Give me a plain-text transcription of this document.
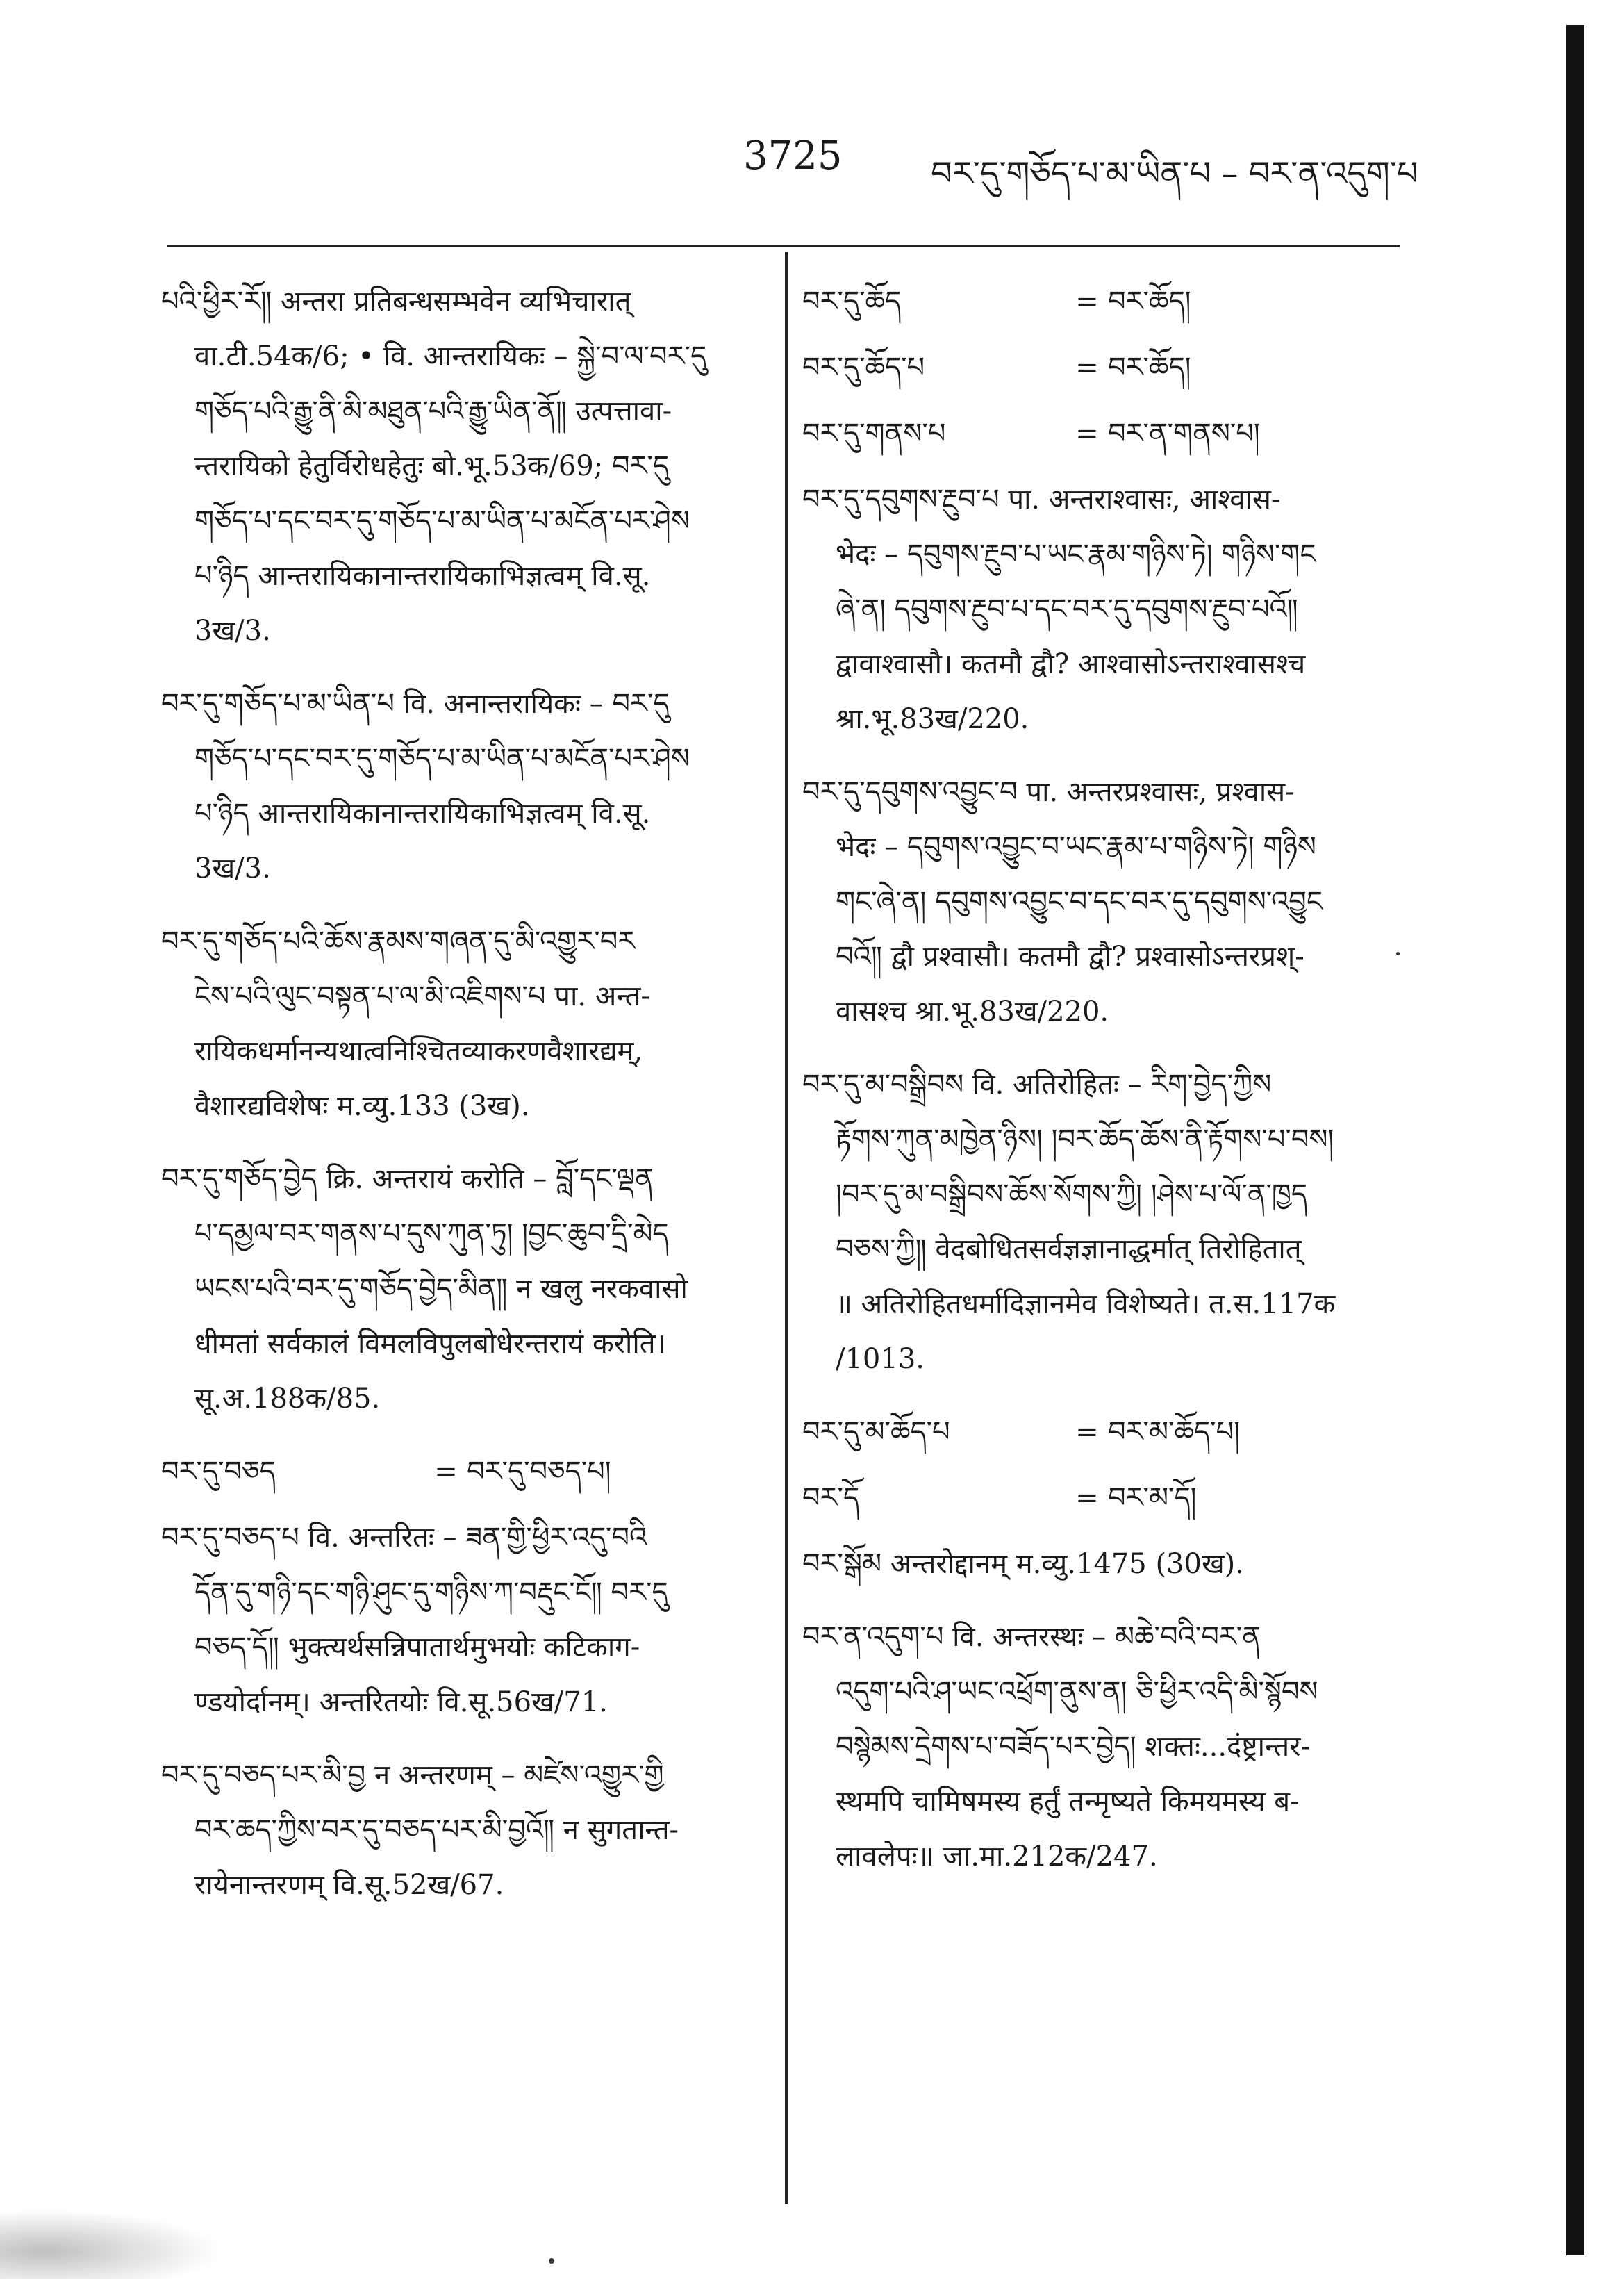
3725	བར་དུ་གཅོད་པ་མ་ཡིན་པ – བར་ན་འདུག་པ
པའི་ཕྱིར་རོ༎ अन्तरा प्रतिबन्धसम्भवेन व्यभिचारात्
वा.टी.54क/6; • वि. आन्तरायिकः – སྐྱེ་བ་ལ་བར་དུ
གཅོད་པའི་རྒྱུ་ནི་མི་མཐུན་པའི་རྒྱུ་ཡིན་ནོ༎ उत्पत्तावा-
न्तरायिको हेतुर्विरोधहेतुः बो.भू.53क/69; བར་དུ
གཅོད་པ་དང་བར་དུ་གཅོད་པ་མ་ཡིན་པ་མངོན་པར་ཤེས
པ་ཉིད आन्तरायिकानान्तरायिकाभिज्ञत्वम् वि.सू.
3ख/3.
བར་དུ་གཅོད་པ་མ་ཡིན་པ वि. अनान्तरायिकः – བར་དུ
གཅོད་པ་དང་བར་དུ་གཅོད་པ་མ་ཡིན་པ་མངོན་པར་ཤེས
པ་ཉིད आन्तरायिकानान्तरायिकाभिज्ञत्वम् वि.सू.
3ख/3.
བར་དུ་གཅོད་པའི་ཆོས་རྣམས་གཞན་དུ་མི་འགྱུར་བར
ངེས་པའི་ལུང་བསྟན་པ་ལ་མི་འཇིགས་པ पा. अन्त-
रायिकधर्मानन्यथात्वनिश्चितव्याकरणवैशारद्यम्,
वैशारद्यविशेषः म.व्यु.133 (3ख).
བར་དུ་གཅོད་བྱེད क्रि. अन्तरायं करोति – བློ་དང་ལྡན
པ་དམྱལ་བར་གནས་པ་དུས་ཀུན་ཏུ། །བྱང་ཆུབ་དྲི་མེད
ཡངས་པའི་བར་དུ་གཅོད་བྱེད་མིན༎ न खलु नरकवासो
धीमतां सर्वकालं विमलविपुलबोधेरन्तरायं करोति।
सू.अ.188क/85.
བར་དུ་བཅད	= བར་དུ་བཅད་པ།
བར་དུ་བཅད་པ वि. अन्तरितः – ཟན་གྱི་ཕྱིར་འདུ་བའི
དོན་དུ་གཉི་དང་གཉི་ཤུང་དུ་གཉིས་ཀ་བརྡུང་ངོ༎ བར་དུ
བཅད་དོ༎ भुक्त्यर्थसन्निपातार्थमुभयोः कटिकाग-
ण्डयोर्दानम्। अन्तरितयोः वि.सू.56ख/71.
བར་དུ་བཅད་པར་མི་བྱ न अन्तरणम् – མཛེས་འགྱུར་གྱི
བར་ཆད་ཀྱིས་བར་དུ་བཅད་པར་མི་བྱའོ༎ न सुगतान्त-
रायेनान्तरणम् वि.सू.52ख/67.
བར་དུ་ཆོད	= བར་ཆོད།
བར་དུ་ཆོད་པ	= བར་ཆོད།
བར་དུ་གནས་པ	= བར་ན་གནས་པ།
བར་དུ་དབུགས་རྔུབ་པ पा. अन्तराश्वासः, आश्वास-
भेदः – དབུགས་རྔུབ་པ་ཡང་རྣམ་གཉིས་ཏེ། གཉིས་གང
ཞེ་ན། དབུགས་རྔུབ་པ་དང་བར་དུ་དབུགས་རྔུབ་པའོ༎
द्वावाश्वासौ। कतमौ द्वौ? आश्वासोऽन्तराश्वासश्च
श्रा.भू.83ख/220.
བར་དུ་དབུགས་འབྱུང་བ पा. अन्तरप्रश्वासः, प्रश्वास-
भेदः – དབུགས་འབྱུང་བ་ཡང་རྣམ་པ་གཉིས་ཏེ། གཉིས
གང་ཞེ་ན། དབུགས་འབྱུང་བ་དང་བར་དུ་དབུགས་འབྱུང
བའོ༎ द्वौ प्रश्वासौ। कतमौ द्वौ? प्रश्वासोऽन्तरप्रश्-
वासश्च श्रा.भू.83ख/220.
བར་དུ་མ་བསྒྲིབས वि. अतिरोहितः – རིག་བྱེད་ཀྱིས
རྟོགས་ཀུན་མཁྱེན་ཉིས། །བར་ཆོད་ཆོས་ནི་རྟོགས་པ་བས།
།བར་དུ་མ་བསྒྲིབས་ཆོས་སོགས་ཀྱི། །ཤེས་པ་ལོ་ན་ཁྱད
བཅས་ཀྱི༎ वेदबोधितसर्वज्ञज्ञानाद्धर्मात् तिरोहितात्
॥ अतिरोहितधर्मादिज्ञानमेव विशेष्यते। त.स.117क
/1013.
བར་དུ་མ་ཆོད་པ	= བར་མ་ཆོད་པ།
བར་དོ	= བར་མ་དོ།
བར་སྒོམ अन्तरोद्दानम् म.व्यु.1475 (30ख).
བར་ན་འདུག་པ वि. अन्तरस्थः – མཆེ་བའི་བར་ན
འདུག་པའི་ཤ་ཡང་འཕྲོག་ནུས་ན། ཅི་ཕྱིར་འདི་མི་སྙོབས
བསྙེམས་དྲེགས་པ་བཟོད་པར་བྱེད། शक्तः...दंष्ट्रान्तर-
स्थमपि चामिषमस्य हर्तुं तन्मृष्यते किमयमस्य ब-
लावलेपः॥ जा.मा.212क/247.
